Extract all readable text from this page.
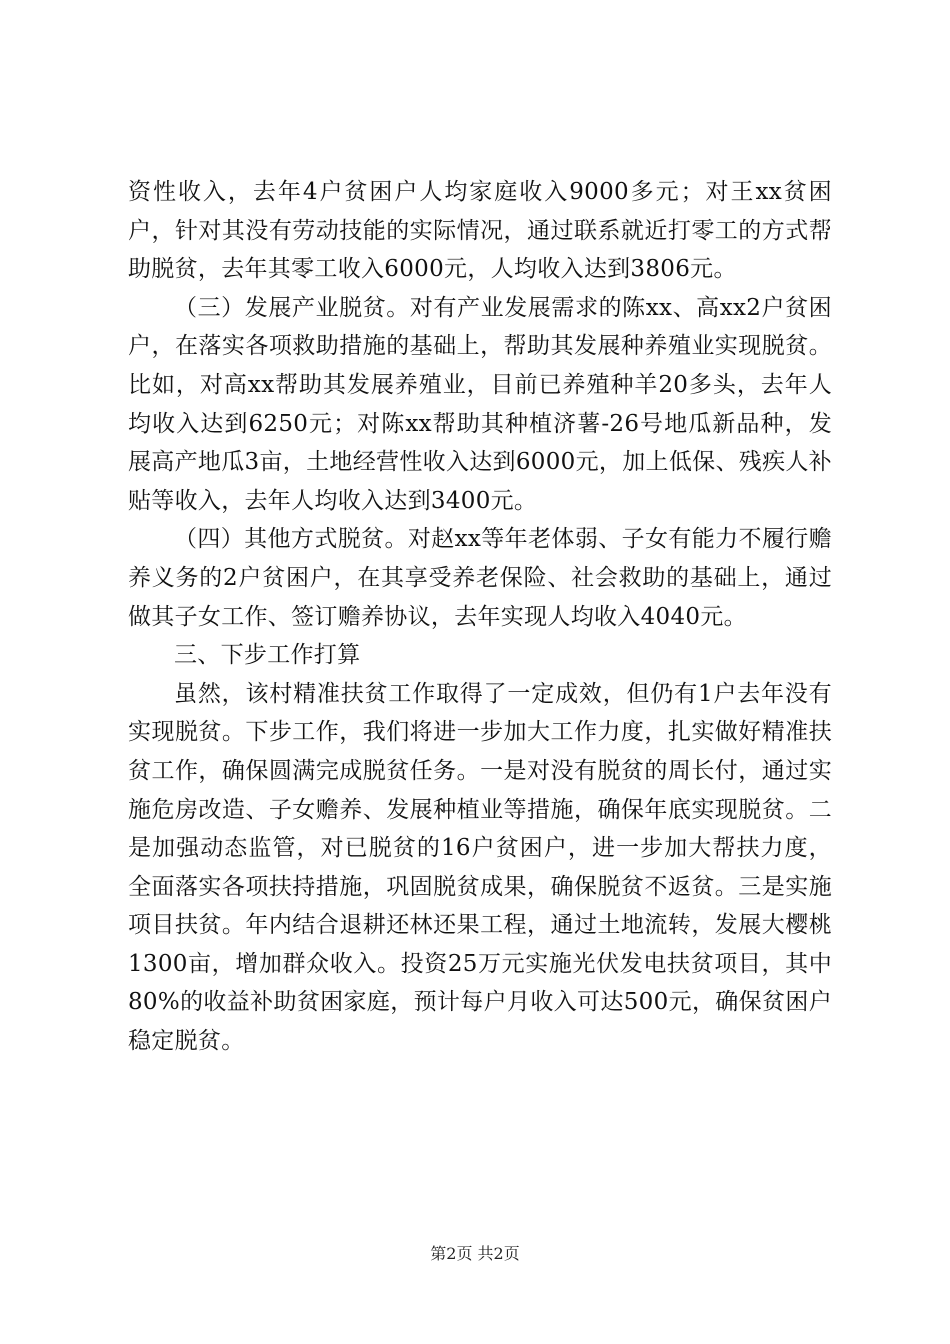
资性收入，去年4户贫困户人均家庭收入9000多元；对王xx贫困户，针对其没有劳动技能的实际情况，通过联系就近打零工的方式帮助脱贫，去年其零工收入6000元，人均收入达到3806元。

（三）发展产业脱贫。对有产业发展需求的陈xx、高xx2户贫困户，在落实各项救助措施的基础上，帮助其发展种养殖业实现脱贫。比如，对高xx帮助其发展养殖业，目前已养殖种羊20多头，去年人均收入达到6250元；对陈xx帮助其种植济薯-26号地瓜新品种，发展高产地瓜3亩，土地经营性收入达到6000元，加上低保、残疾人补贴等收入，去年人均收入达到3400元。

（四）其他方式脱贫。对赵xx等年老体弱、子女有能力不履行赡养义务的2户贫困户，在其享受养老保险、社会救助的基础上，通过做其子女工作、签订赡养协议，去年实现人均收入4040元。

三、下步工作打算

虽然，该村精准扶贫工作取得了一定成效，但仍有1户去年没有实现脱贫。下步工作，我们将进一步加大工作力度，扎实做好精准扶贫工作，确保圆满完成脱贫任务。一是对没有脱贫的周长付，通过实施危房改造、子女赡养、发展种植业等措施，确保年底实现脱贫。二是加强动态监管，对已脱贫的16户贫困户，进一步加大帮扶力度，全面落实各项扶持措施，巩固脱贫成果，确保脱贫不返贫。三是实施项目扶贫。年内结合退耕还林还果工程，通过土地流转，发展大樱桃1300亩，增加群众收入。投资25万元实施光伏发电扶贫项目，其中80%的收益补助贫困家庭，预计每户月收入可达500元，确保贫困户稳定脱贫。

第2页 共2页
